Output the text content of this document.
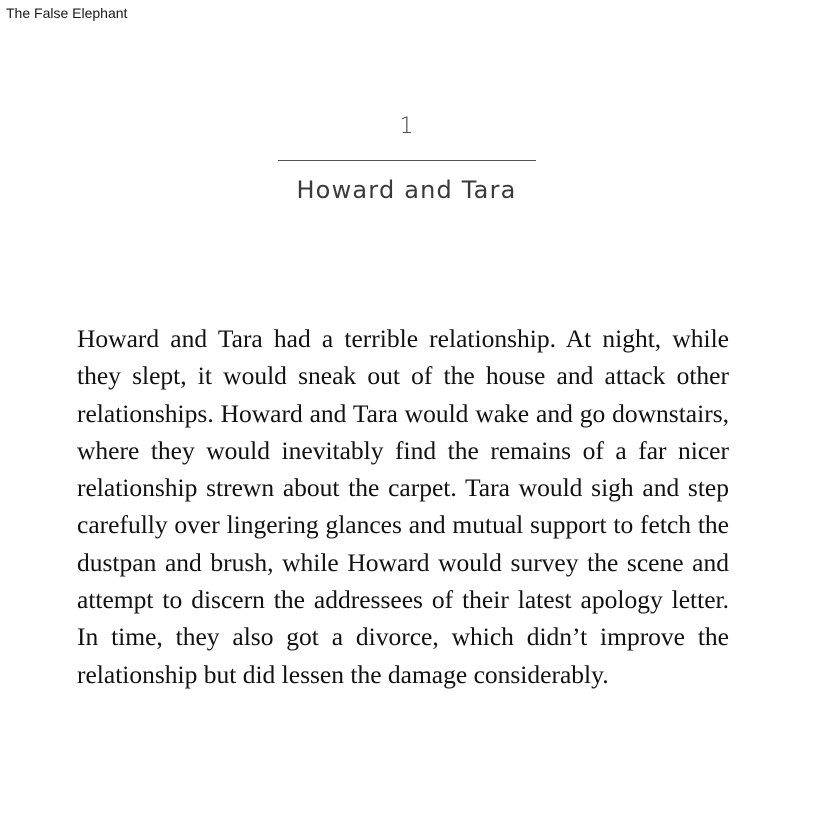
The False Elephant
1
Howard and Tara

Howard and Tara had a terrible relationship. At night, while they slept, it would sneak out of the house and attack other relationships. Howard and Tara would wake and go downstairs, where they would inevitably find the remains of a far nicer relationship strewn about the carpet. Tara would sigh and step carefully over lingering glances and mutual support to fetch the dustpan and brush, while Howard would survey the scene and attempt to discern the addressees of their latest apology letter. In time, they also got a divorce, which didn’t improve the relationship but did lessen the damage considerably.
